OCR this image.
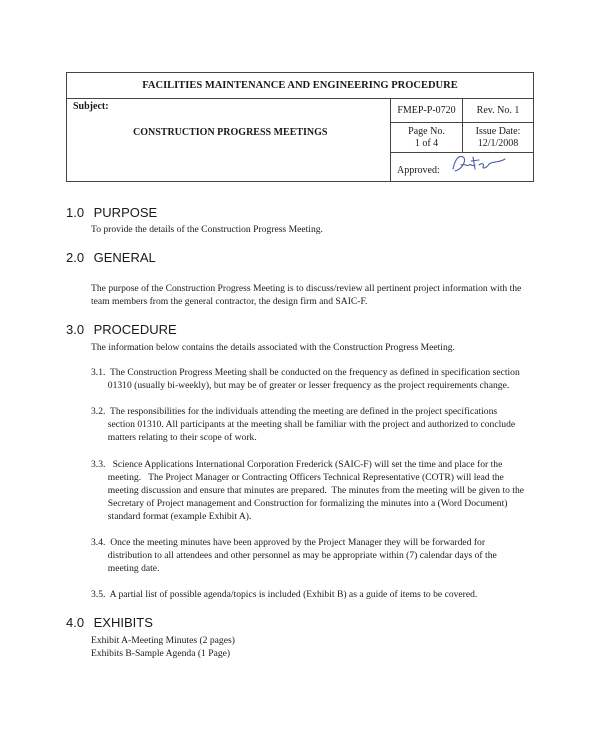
FACILITIES MAINTENANCE AND ENGINEERING PROCEDURE
Subject:
CONSTRUCTION PROGRESS MEETINGS
FMEP-P-0720	Rev. No. 1
Page No.
1 of 4
Issue Date:
12/1/2008
Approved:
1.0 PURPOSE
To provide the details of the Construction Progress Meeting.
2.0 GENERAL
The purpose of the Construction Progress Meeting is to discuss/review all pertinent project information with the
team members from the general contractor, the design firm and SAIC-F.
3.0 PROCEDURE
The information below contains the details associated with the Construction Progress Meeting.
3.1.  The Construction Progress Meeting shall be conducted on the frequency as defined in specification section
01310 (usually bi-weekly), but may be of greater or lesser frequency as the project requirements change.
3.2.  The responsibilities for the individuals attending the meeting are defined in the project specifications
section 01310. All participants at the meeting shall be familiar with the project and authorized to conclude
matters relating to their scope of work.
3.3.   Science Applications International Corporation Frederick (SAIC-F) will set the time and place for the
meeting.   The Project Manager or Contracting Officers Technical Representative (COTR) will lead the
meeting discussion and ensure that minutes are prepared.  The minutes from the meeting will be given to the
Secretary of Project management and Construction for formalizing the minutes into a (Word Document)
standard format (example Exhibit A).
3.4.  Once the meeting minutes have been approved by the Project Manager they will be forwarded for
distribution to all attendees and other personnel as may be appropriate within (7) calendar days of the
meeting date.
3.5.  A partial list of possible agenda/topics is included (Exhibit B) as a guide of items to be covered.
4.0 EXHIBITS
Exhibit A-Meeting Minutes (2 pages)
Exhibits B-Sample Agenda (1 Page)
